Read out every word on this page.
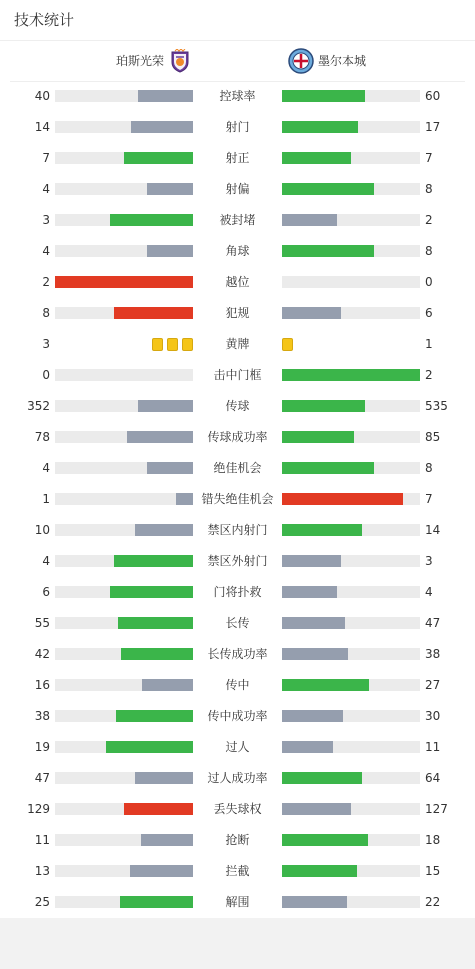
技术统计
珀斯光荣	墨尔本城
40	控球率	60
14	射门	17
7	射正	7
4	射偏	8
3	被封堵	2
4	角球	8
2	越位	0
8	犯规	6
3	黄牌	1
0	击中门框	2
352	传球	535
78	传球成功率	85
4	绝佳机会	8
1	错失绝佳机会	7
10	禁区内射门	14
4	禁区外射门	3
6	门将扑救	4
55	长传	47
42	长传成功率	38
16	传中	27
38	传中成功率	30
19	过人	11
47	过人成功率	64
129	丢失球权	127
11	抢断	18
13	拦截	15
25	解围	22
